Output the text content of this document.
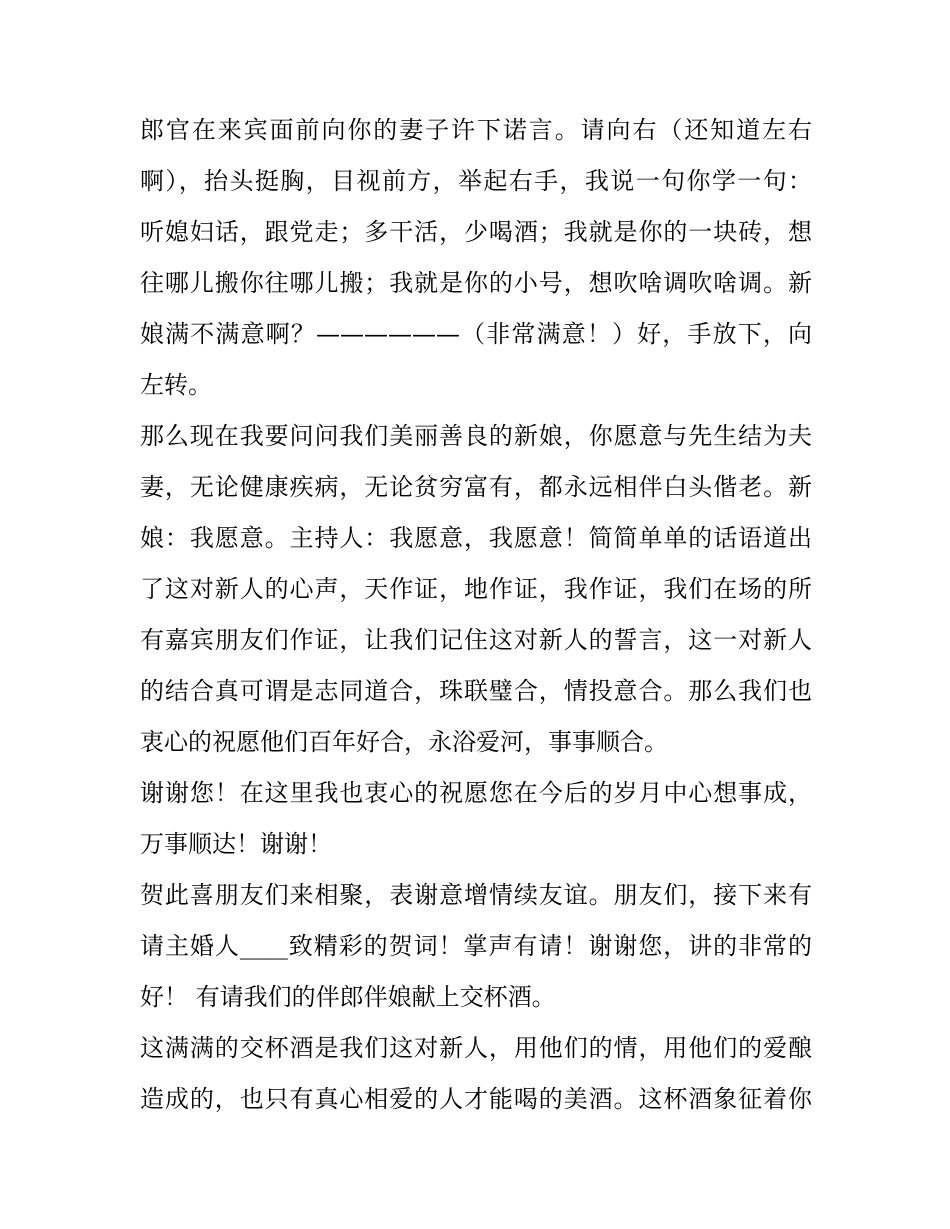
郎官在来宾面前向你的妻子许下诺言。请向右（还知道左右
啊），抬头挺胸，目视前方，举起右手，我说一句你学一句：
听媳妇话，跟党走；多干活，少喝酒；我就是你的一块砖，想
往哪儿搬你往哪儿搬；我就是你的小号，想吹啥调吹啥调。新
娘满不满意啊？——————（非常满意！）好，手放下，向
左转。
那么现在我要问问我们美丽善良的新娘，你愿意与先生结为夫
妻，无论健康疾病，无论贫穷富有，都永远相伴白头偕老。新
娘：我愿意。主持人：我愿意，我愿意！简简单单的话语道出
了这对新人的心声，天作证，地作证，我作证，我们在场的所
有嘉宾朋友们作证，让我们记住这对新人的誓言，这一对新人
的结合真可谓是志同道合，珠联璧合，情投意合。那么我们也
衷心的祝愿他们百年好合，永浴爱河，事事顺合。
谢谢您！在这里我也衷心的祝愿您在今后的岁月中心想事成，
万事顺达！谢谢！
贺此喜朋友们来相聚，表谢意增情续友谊。朋友们，接下来有
请主婚人____致精彩的贺词！掌声有请！谢谢您，讲的非常的
好！ 有请我们的伴郎伴娘献上交杯酒。
这满满的交杯酒是我们这对新人，用他们的情，用他们的爱酿
造成的，也只有真心相爱的人才能喝的美酒。这杯酒象征着你
